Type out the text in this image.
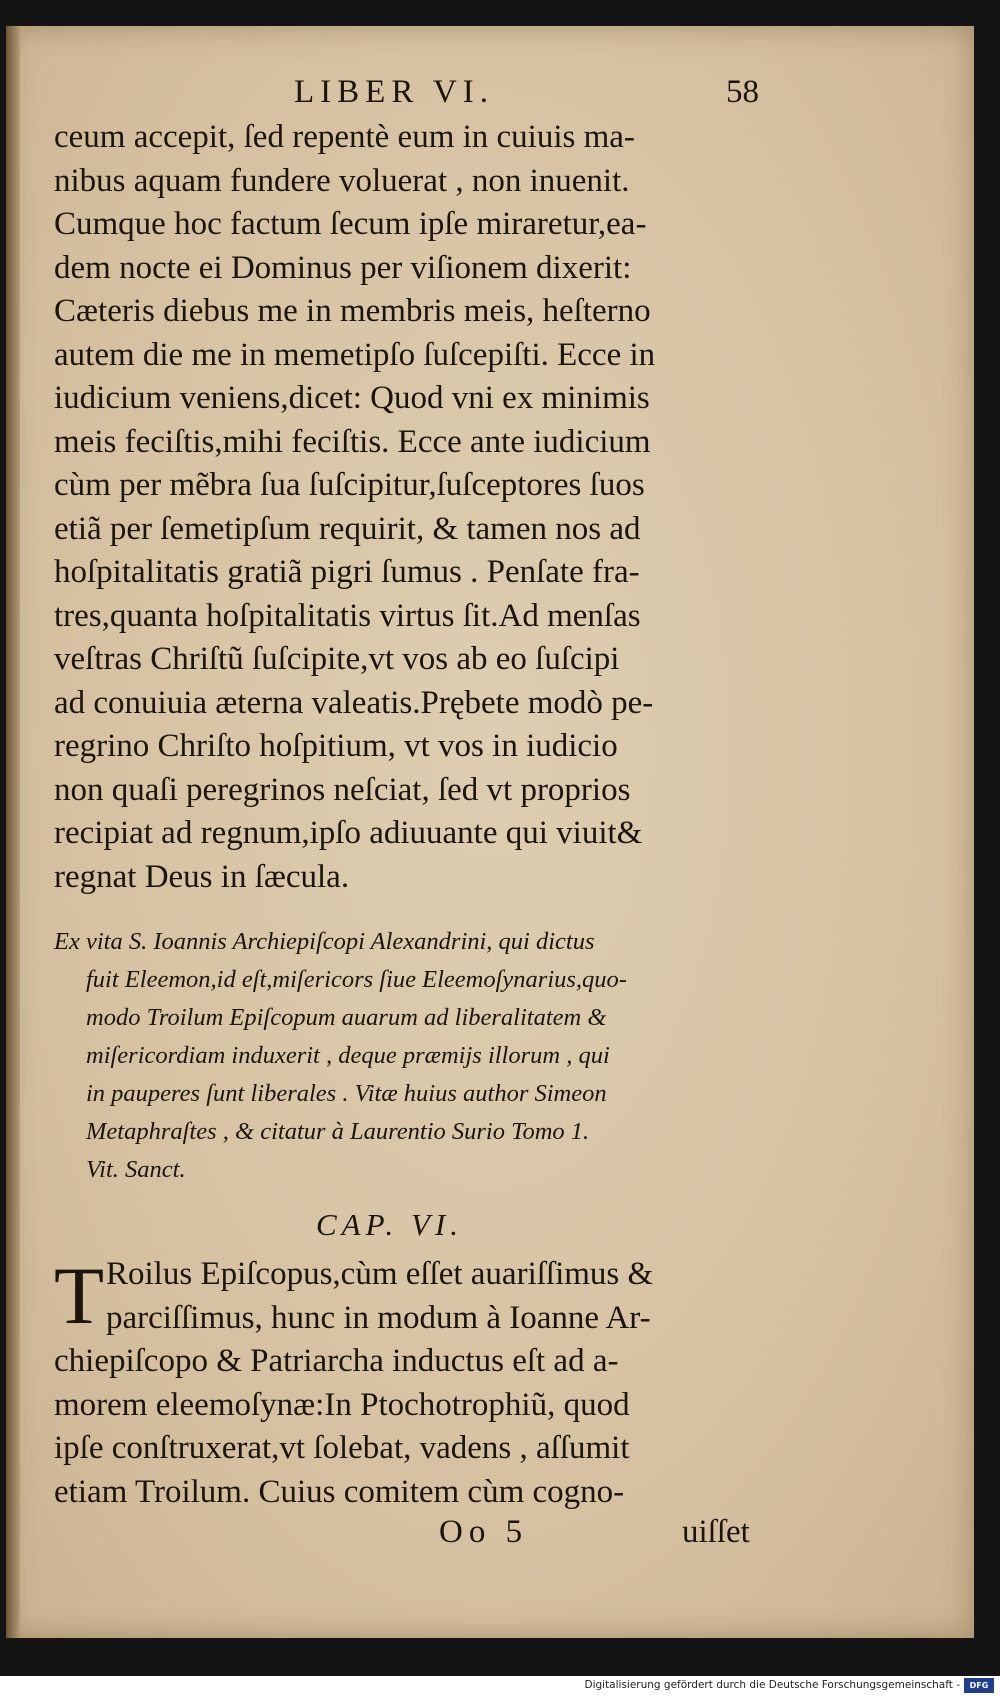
LIBER VI.	58
ceum accepit, ſed repentè eum in cuiuis ma-
nibus aquam fundere voluerat , non inuenit.
Cumque hoc factum ſecum ipſe miraretur,ea-
dem nocte ei Dominus per viſionem dixerit:
Cæteris diebus me in membris meis, heſterno
autem die me in memetipſo ſuſcepiſti. Ecce in
iudicium veniens,dicet: Quod vni ex minimis
meis feciſtis,mihi feciſtis. Ecce ante iudicium
cùm per mẽbra ſua ſuſcipitur,ſuſceptores ſuos
etiã per ſemetipſum requirit, & tamen nos ad
hoſpitalitatis gratiã pigri ſumus . Penſate fra-
tres,quanta hoſpitalitatis virtus ſit.Ad menſas
veſtras Chriſtũ ſuſcipite,vt vos ab eo ſuſcipi
ad conuiuia æterna valeatis.Prębete modò pe-
regrino Chriſto hoſpitium, vt vos in iudicio
non quaſi peregrinos neſciat, ſed vt proprios
recipiat ad regnum,ipſo adiuuante qui viuit&
regnat Deus in ſæcula.
Ex vita S. Ioannis Archiepiſcopi Alexandrini, qui dictus
fuit Eleemon,id eſt,miſericors ſiue Eleemoſynarius,quo-
modo Troilum Epiſcopum auarum ad liberalitatem &
miſericordiam induxerit , deque præmijs illorum , qui
in pauperes ſunt liberales . Vitæ huius author Simeon
Metaphraſtes , & citatur à Laurentio Surio Tomo 1.
Vit. Sanct.
CAP. VI.
T Roilus Epiſcopus,cùm eſſet auariſſimus &
parciſſimus, hunc in modum à Ioanne Ar-
chiepiſcopo & Patriarcha inductus eſt ad a-
morem eleemoſynæ:In Ptochotrophiũ, quod
ipſe conſtruxerat,vt ſolebat, vadens , aſſumit
etiam Troilum. Cuius comitem cùm cogno-
Oo 5	uiſſet
Digitalisierung gefördert durch die Deutsche Forschungsgemeinschaft -	DFG
